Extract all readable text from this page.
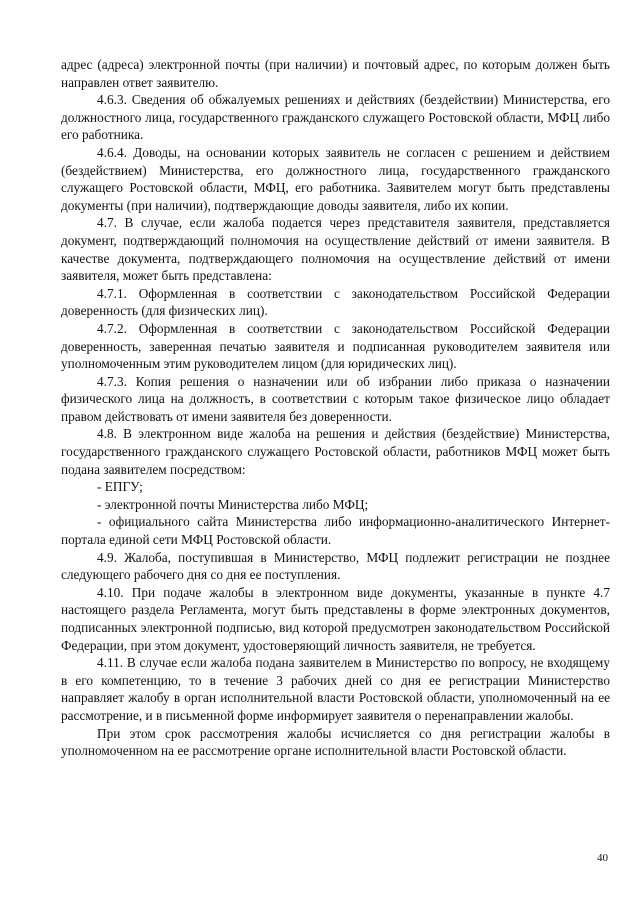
адрес (адреса) электронной почты (при наличии) и почтовый адрес, по которым должен быть направлен ответ заявителю.

4.6.3. Сведения об обжалуемых решениях и действиях (бездействии) Министерства, его должностного лица, государственного гражданского служащего Ростовской области, МФЦ либо его работника.

4.6.4. Доводы, на основании которых заявитель не согласен с решением и действием (бездействием) Министерства, его должностного лица, государственного гражданского служащего Ростовской области, МФЦ, его работника. Заявителем могут быть представлены документы (при наличии), подтверждающие доводы заявителя, либо их копии.

4.7. В случае, если жалоба подается через представителя заявителя, представляется документ, подтверждающий полномочия на осуществление действий от имени заявителя. В качестве документа, подтверждающего полномочия на осуществление действий от имени заявителя, может быть представлена:

4.7.1. Оформленная в соответствии с законодательством Российской Федерации доверенность (для физических лиц).

4.7.2. Оформленная в соответствии с законодательством Российской Федерации доверенность, заверенная печатью заявителя и подписанная руководителем заявителя или уполномоченным этим руководителем лицом (для юридических лиц).

4.7.3. Копия решения о назначении или об избрании либо приказа о назначении физического лица на должность, в соответствии с которым такое физическое лицо обладает правом действовать от имени заявителя без доверенности.

4.8. В электронном виде жалоба на решения и действия (бездействие) Министерства, государственного гражданского служащего Ростовской области, работников МФЦ может быть подана заявителем посредством:

- ЕПГУ;

- электронной почты Министерства либо МФЦ;

- официального сайта Министерства либо информационно-аналитического Интернет-портала единой сети МФЦ Ростовской области.

4.9. Жалоба, поступившая в Министерство, МФЦ подлежит регистрации не позднее следующего рабочего дня со дня ее поступления.

4.10. При подаче жалобы в электронном виде документы, указанные в пункте 4.7 настоящего раздела Регламента, могут быть представлены в форме электронных документов, подписанных электронной подписью, вид которой предусмотрен законодательством Российской Федерации, при этом документ, удостоверяющий личность заявителя, не требуется.

4.11. В случае если жалоба подана заявителем в Министерство по вопросу, не входящему в его компетенцию, то в течение 3 рабочих дней со дня ее регистрации Министерство направляет жалобу в орган исполнительной власти Ростовской области, уполномоченный на ее рассмотрение, и в письменной форме информирует заявителя о перенаправлении жалобы.

При этом срок рассмотрения жалобы исчисляется со дня регистрации жалобы в уполномоченном на ее рассмотрение органе исполнительной власти Ростовской области.

40
